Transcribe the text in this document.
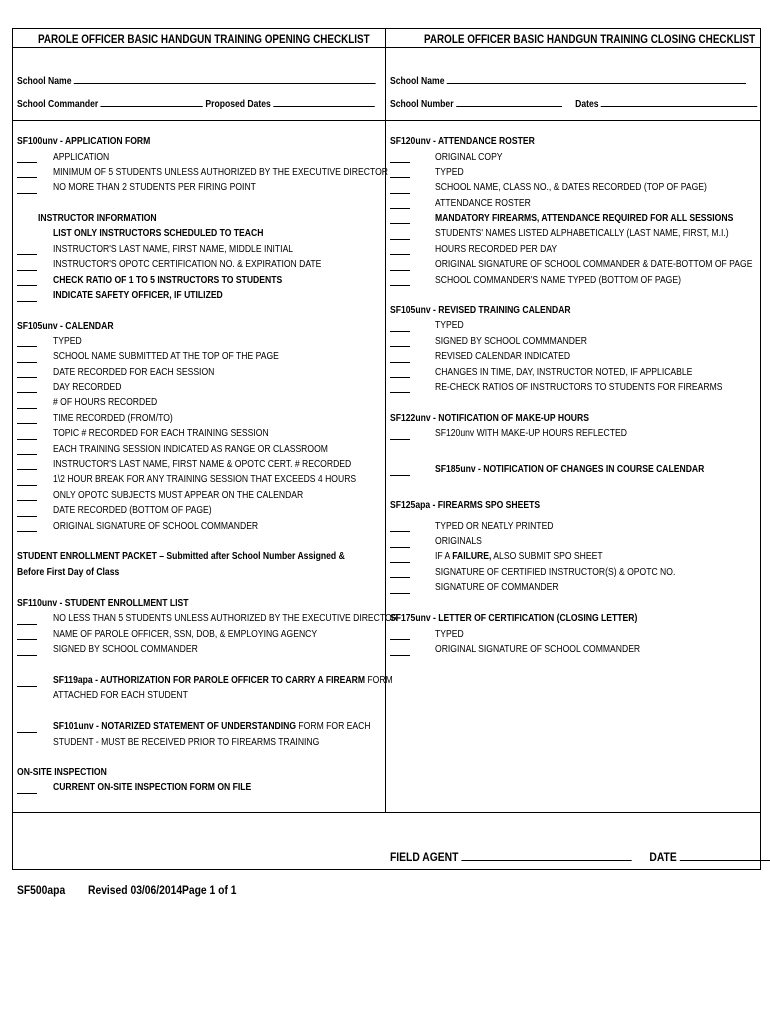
PAROLE OFFICER BASIC HANDGUN TRAINING OPENING CHECKLIST	PAROLE OFFICER BASIC HANDGUN TRAINING CLOSING CHECKLIST
School Name
School Commander	Proposed Dates
School Name
School Number	Dates
SF100unv - APPLICATION FORM
APPLICATION
MINIMUM OF 5 STUDENTS UNLESS AUTHORIZED BY THE EXECUTIVE DIRECTOR
NO MORE THAN 2 STUDENTS PER FIRING POINT
INSTRUCTOR INFORMATION
LIST ONLY INSTRUCTORS SCHEDULED TO TEACH
INSTRUCTOR'S LAST NAME, FIRST NAME, MIDDLE INITIAL
INSTRUCTOR'S OPOTC CERTIFICATION NO. & EXPIRATION DATE
CHECK RATIO OF 1 TO 5 INSTRUCTORS TO STUDENTS
INDICATE SAFETY OFFICER, IF UTILIZED
SF105unv - CALENDAR
TYPED
SCHOOL NAME SUBMITTED AT THE TOP OF THE PAGE
DATE RECORDED FOR EACH SESSION
DAY RECORDED
# OF HOURS RECORDED
TIME RECORDED (FROM/TO)
TOPIC # RECORDED FOR EACH TRAINING SESSION
EACH TRAINING SESSION INDICATED AS RANGE OR CLASSROOM
INSTRUCTOR'S LAST NAME, FIRST NAME & OPOTC CERT. # RECORDED
1\2 HOUR BREAK FOR ANY TRAINING SESSION THAT EXCEEDS 4 HOURS
ONLY OPOTC SUBJECTS MUST APPEAR ON THE CALENDAR
DATE RECORDED (BOTTOM OF PAGE)
ORIGINAL SIGNATURE OF SCHOOL COMMANDER
STUDENT ENROLLMENT PACKET – Submitted after School Number Assigned &
Before First Day of Class
SF110unv - STUDENT ENROLLMENT LIST
NO LESS THAN 5 STUDENTS UNLESS AUTHORIZED BY THE EXECUTIVE DIRECTOR
NAME OF PAROLE OFFICER, SSN, DOB, & EMPLOYING AGENCY
SIGNED BY SCHOOL COMMANDER
SF119apa - AUTHORIZATION FOR PAROLE OFFICER TO CARRY A FIREARM FORM
ATTACHED FOR EACH STUDENT
SF101unv - NOTARIZED STATEMENT OF UNDERSTANDING FORM FOR EACH
STUDENT - MUST BE RECEIVED PRIOR TO FIREARMS TRAINING
ON-SITE INSPECTION
CURRENT ON-SITE INSPECTION FORM ON FILE
SF120unv - ATTENDANCE ROSTER
ORIGINAL COPY
TYPED
SCHOOL NAME, CLASS NO., & DATES RECORDED (TOP OF PAGE)
ATTENDANCE ROSTER
MANDATORY FIREARMS, ATTENDANCE REQUIRED FOR ALL SESSIONS
STUDENTS' NAMES LISTED ALPHABETICALLY (LAST NAME, FIRST, M.I.)
HOURS RECORDED PER DAY
ORIGINAL SIGNATURE OF SCHOOL COMMANDER & DATE-BOTTOM OF PAGE
SCHOOL COMMANDER'S NAME TYPED (BOTTOM OF PAGE)
SF105unv - REVISED TRAINING CALENDAR
TYPED
SIGNED BY SCHOOL COMMMANDER
REVISED CALENDAR INDICATED
CHANGES IN TIME, DAY, INSTRUCTOR NOTED, IF APPLICABLE
RE-CHECK RATIOS OF INSTRUCTORS TO STUDENTS FOR FIREARMS
SF122unv - NOTIFICATION OF MAKE-UP HOURS
SF120unv WITH MAKE-UP HOURS REFLECTED
SF185unv - NOTIFICATION OF CHANGES IN COURSE CALENDAR
SF125apa - FIREARMS SPO SHEETS
TYPED OR NEATLY PRINTED
ORIGINALS
IF A FAILURE, ALSO SUBMIT SPO SHEET
SIGNATURE OF CERTIFIED INSTRUCTOR(S) & OPOTC NO.
SIGNATURE OF COMMANDER
SF175unv - LETTER OF CERTIFICATION (CLOSING LETTER)
TYPED
ORIGINAL SIGNATURE OF SCHOOL COMMANDER
FIELD AGENT	DATE
SF500apa Revised 03/06/2014 Page 1 of 1
